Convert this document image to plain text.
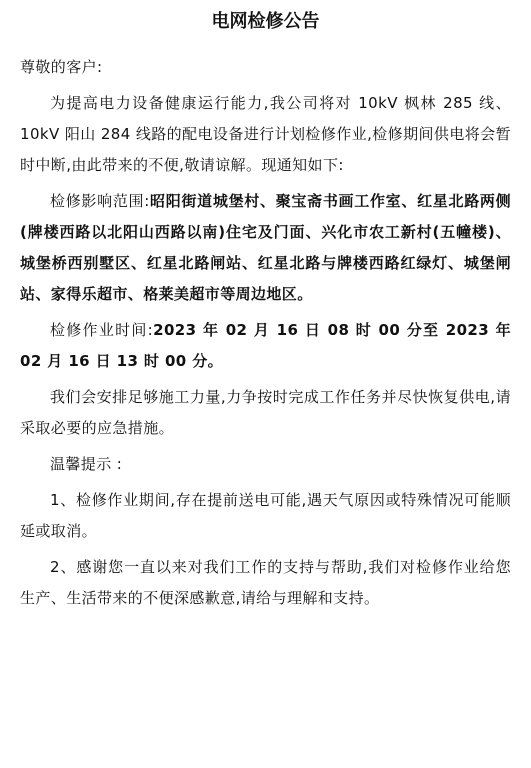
电网检修公告

尊敬的客户:

为提高电力设备健康运行能力,我公司将对 10kV 枫林 285 线、10kV 阳山 284 线路的配电设备进行计划检修作业,检修期间供电将会暂时中断,由此带来的不便,敬请谅解。现通知如下:

检修影响范围:昭阳街道城堡村、聚宝斋书画工作室、红星北路两侧(牌楼西路以北阳山西路以南)住宅及门面、兴化市农工新村(五幢楼)、城堡桥西别墅区、红星北路闸站、红星北路与牌楼西路红绿灯、城堡闸站、家得乐超市、格莱美超市等周边地区。

检修作业时间:2023 年 02 月 16 日 08 时 00 分至 2023 年 02 月 16 日 13 时 00 分。

我们会安排足够施工力量,力争按时完成工作任务并尽快恢复供电,请采取必要的应急措施。

温馨提示 :

1、检修作业期间,存在提前送电可能,遇天气原因或特殊情况可能顺延或取消。

2、感谢您一直以来对我们工作的支持与帮助,我们对检修作业给您生产、生活带来的不便深感歉意,请给与理解和支持。
